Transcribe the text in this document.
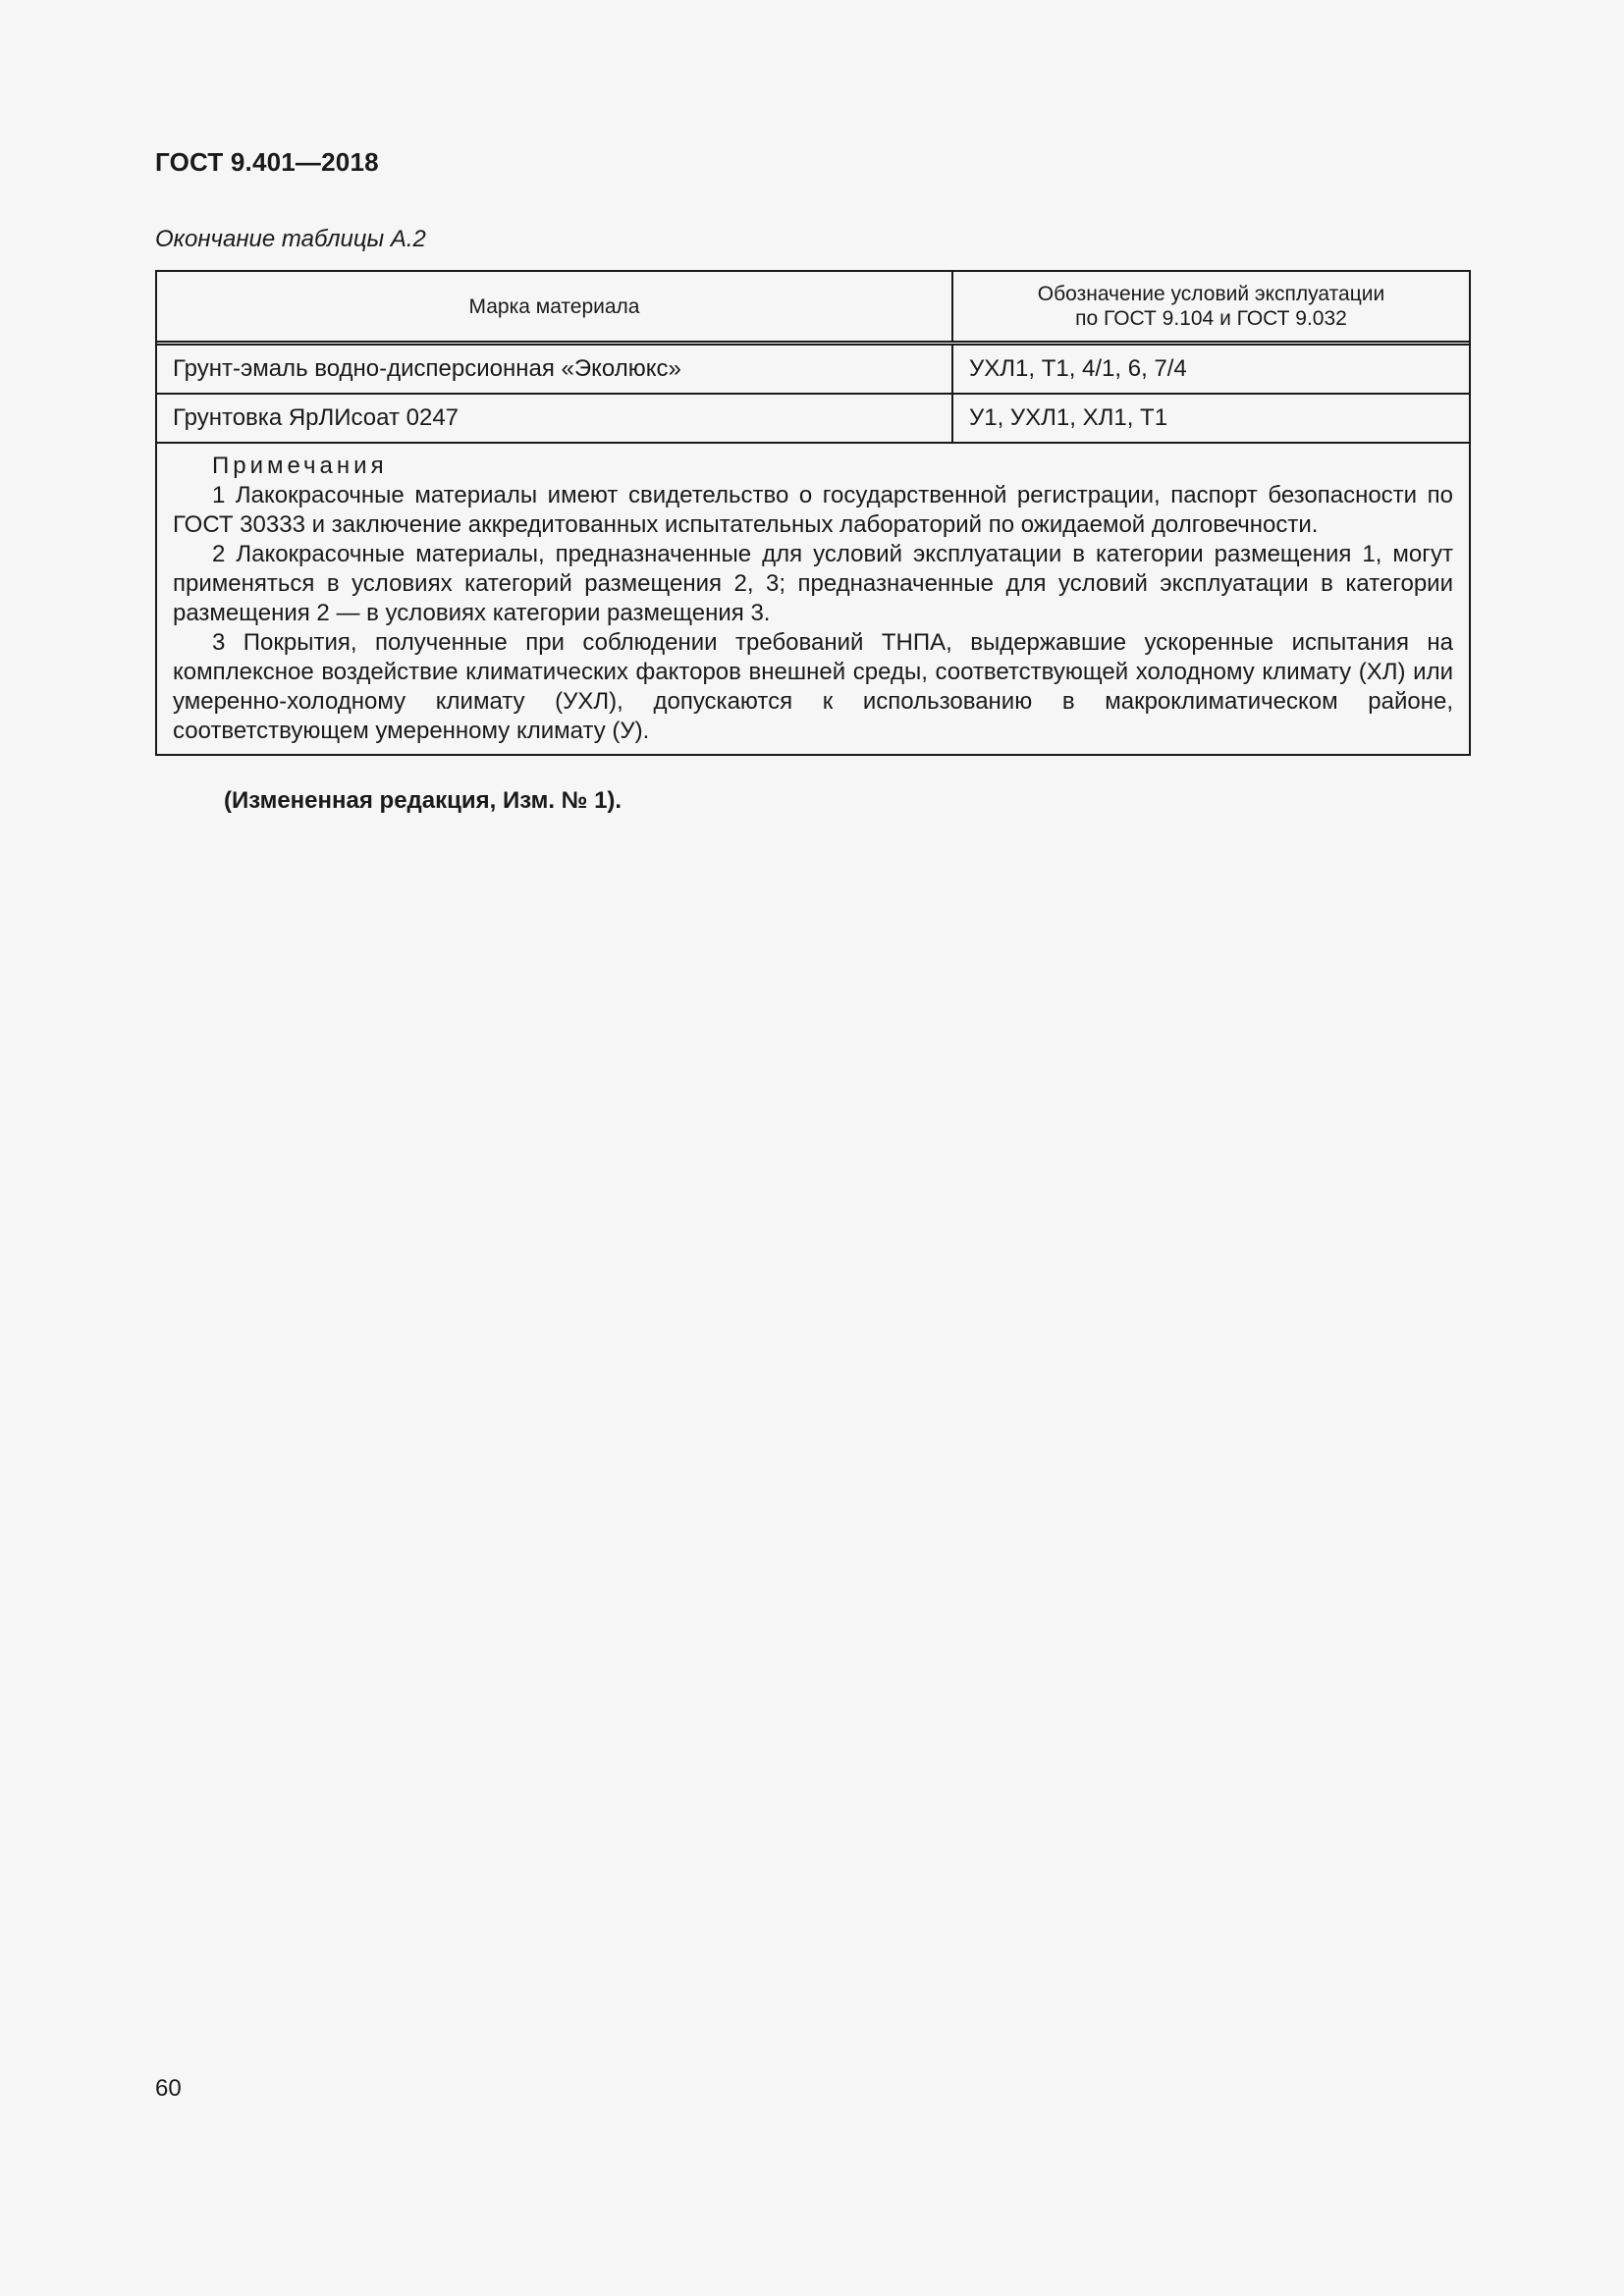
ГОСТ 9.401—2018
Окончание таблицы А.2
Марка материала	Обозначение условий эксплуатации
по ГОСТ 9.104 и ГОСТ 9.032

Грунт-эмаль водно-дисперсионная «Эколюкс»	УХЛ1, Т1, 4/1, 6, 7/4
Грунтовка ЯрЛИсоат 0247	У1, УХЛ1, ХЛ1, Т1
Примечания

1 Лакокрасочные материалы имеют свидетельство о государственной регистрации, паспорт безопасности по ГОСТ 30333 и заключение аккредитованных испытательных лабораторий по ожидаемой долговечности.

2 Лакокрасочные материалы, предназначенные для условий эксплуатации в категории размещения 1, могут применяться в условиях категорий размещения 2, 3; предназначенные для условий эксплуатации в категории размещения 2 — в условиях категории размещения 3.

3 Покрытия, полученные при соблюдении требований ТНПА, выдержавшие ускоренные испытания на комплексное воздействие климатических факторов внешней среды, соответствующей холодному климату (ХЛ) или умеренно-холодному климату (УХЛ), допускаются к использованию в макроклиматическом районе, соответствующем умеренному климату (У).

(Измененная редакция, Изм. № 1).
60
